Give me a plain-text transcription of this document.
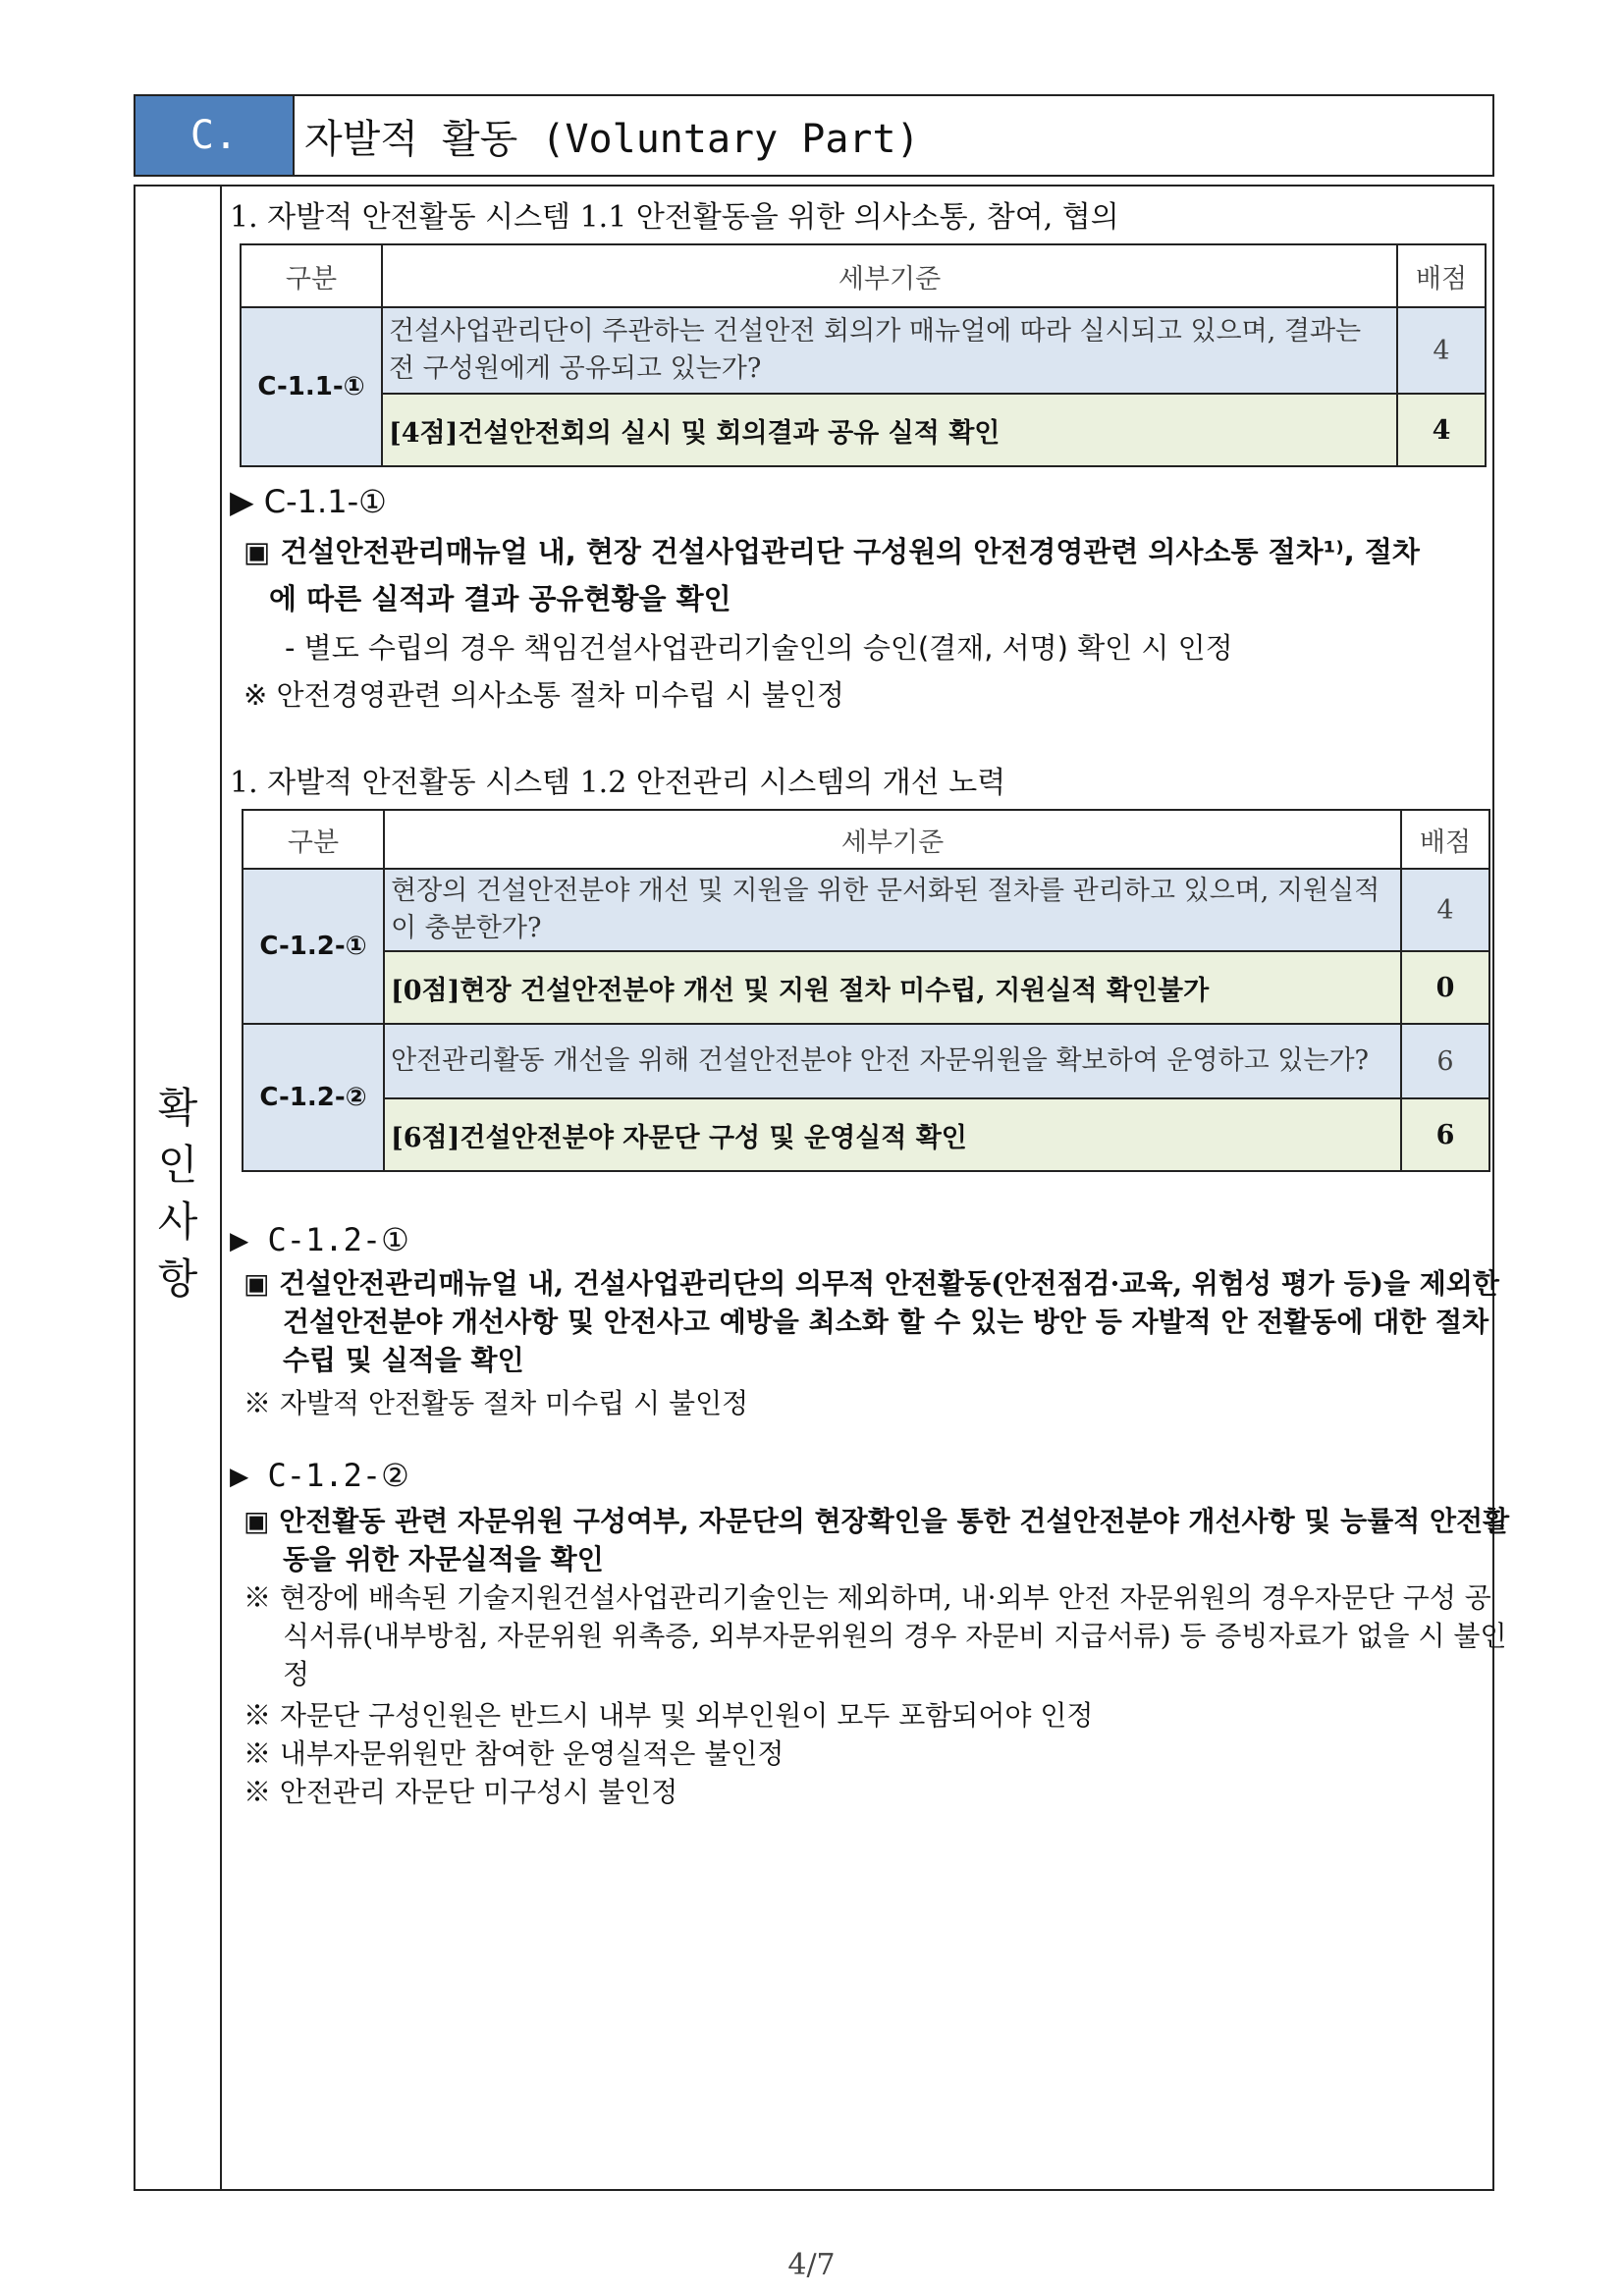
C.	자발적 활동 (Voluntary Part)
확
인
사
항
1. 자발적 안전활동 시스템 1.1 안전활동을 위한 의사소통, 참여, 협의
구분	세부기준	배점
C-1.1-①	건설사업관리단이 주관하는 건설안전 회의가 매뉴얼에 따라 실시되고 있으며, 결과는 전 구성원에게 공유되고 있는가?	4
	[4점]건설안전회의 실시 및 회의결과 공유 실적 확인	4
▶ C-1.1-①
▣ 건설안전관리매뉴얼 내, 현장 건설사업관리단 구성원의 안전경영관련 의사소통 절차¹⁾, 절차
에 따른 실적과 결과 공유현황을 확인
- 별도 수립의 경우 책임건설사업관리기술인의 승인(결재, 서명) 확인 시 인정
※ 안전경영관련 의사소통 절차 미수립 시 불인정
1. 자발적 안전활동 시스템 1.2 안전관리 시스템의 개선 노력
구분	세부기준	배점
C-1.2-①	현장의 건설안전분야 개선 및 지원을 위한 문서화된 절차를 관리하고 있으며, 지원실적이 충분한가?	4
	[0점]현장 건설안전분야 개선 및 지원 절차 미수립, 지원실적 확인불가	0
C-1.2-②	안전관리활동 개선을 위해 건설안전분야 안전 자문위원을 확보하여 운영하고 있는가?	6
	[6점]건설안전분야 자문단 구성 및 운영실적 확인	6
▶ C-1.2-①
▣ 건설안전관리매뉴얼 내, 건설사업관리단의 의무적 안전활동(안전점검·교육, 위험성 평가 등)을 제외한 건설안전분야 개선사항 및 안전사고 예방을 최소화 할 수 있는 방안 등 자발적 안 전활동에 대한 절차 수립 및 실적을 확인
※ 자발적 안전활동 절차 미수립 시 불인정
▶ C-1.2-②
▣ 안전활동 관련 자문위원 구성여부, 자문단의 현장확인을 통한 건설안전분야 개선사항 및 능률적 안전활동을 위한 자문실적을 확인
※ 현장에 배속된 기술지원건설사업관리기술인는 제외하며, 내·외부 안전 자문위원의 경우자문단 구성 공식서류(내부방침, 자문위원 위촉증, 외부자문위원의 경우 자문비 지급서류) 등 증빙자료가 없을 시 불인정
※ 자문단 구성인원은 반드시 내부 및 외부인원이 모두 포함되어야 인정
※ 내부자문위원만 참여한 운영실적은 불인정
※ 안전관리 자문단 미구성시 불인정
4/7
